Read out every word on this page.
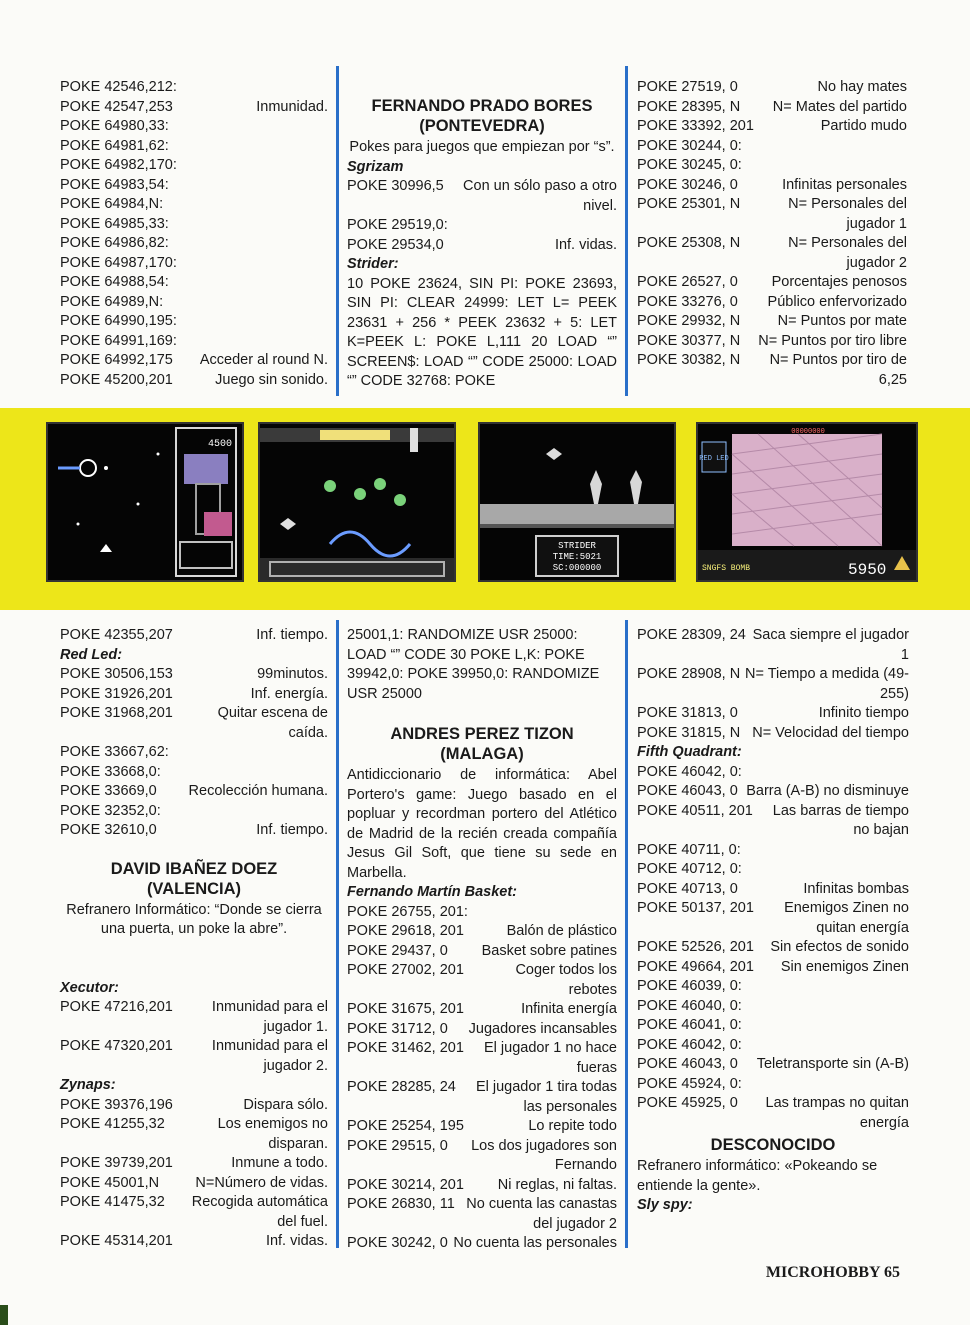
POKE 42546,212:
POKE 42547,253	Inmunidad.
POKE 64980,33:
POKE 64981,62:
POKE 64982,170:
POKE 64983,54:
POKE 64984,N:
POKE 64985,33:
POKE 64986,82:
POKE 64987,170:
POKE 64988,54:
POKE 64989,N:
POKE 64990,195:
POKE 64991,169:
POKE 64992,175 Acceder al round N.
POKE 45200,201	Juego sin sonido.
FERNANDO PRADO BORES
(PONTEVEDRA)
Pokes para juegos que empiezan por “s”.
Sgrizam
POKE 30996,5	Con un sólo paso a otro nivel.
POKE 29519,0:
POKE 29534,0	Inf. vidas.
Strider:
10 POKE 23624, SIN PI: POKE 23693, SIN PI: CLEAR 24999: LET L= PEEK 23631 + 256 * PEEK 23632 + 5: LET K=PEEK L: POKE L,111 20 LOAD “” SCREEN$: LOAD “” CODE 25000: LOAD “” CODE 32768: POKE
POKE 27519, 0	No hay mates
POKE 28395, N N= Mates del partido
POKE 33392, 201	Partido mudo
POKE 30244, 0:
POKE 30245, 0:
POKE 30246, 0	Infinitas personales
POKE 25301, N	N= Personales del jugador 1
POKE 25308, N	N= Personales del jugador 2
POKE 26527, 0 Porcentajes penosos
POKE 33276, 0 Público enfervorizado
POKE 29932, N	N= Puntos por mate
POKE 30377, N N= Puntos por tiro libre
POKE 30382, N	N= Puntos por tiro de 6,25
4500
STRIDER
TIME:5021
SC:000000
RED LED
00000000
SNGFS BOMB	5950
POKE 42355,207	Inf. tiempo.
Red Led:
POKE 30506,153	99minutos.
POKE 31926,201	Inf. energía.
POKE 31968,201	Quitar escena de caída.
POKE 33667,62:
POKE 33668,0:
POKE 33669,0 Recolección humana.
POKE 32352,0:
POKE 32610,0	Inf. tiempo.
DAVID IBAÑEZ DOEZ
(VALENCIA)
Refranero Informático: “Donde se cierra una puerta, un poke la abre”.
Xecutor:
POKE 47216,201	Inmunidad para el jugador 1.
POKE 47320,201	Inmunidad para el jugador 2.
Zynaps:
POKE 39376,196	Dispara sólo.
POKE 41255,32	Los enemigos no disparan.
POKE 39739,201	Inmune a todo.
POKE 45001,N	N=Número de vidas.
POKE 41475,32	Recogida automática del fuel.
POKE 45314,201	Inf. vidas.
25001,1: RANDOMIZE USR 25000: LOAD “” CODE 30 POKE L,K: POKE 39942,0: POKE 39950,0: RANDOMIZE USR 25000
ANDRES PEREZ TIZON
(MALAGA)
Antidiccionario de informática: Abel Portero's game: Juego basado en el popluar y recordman portero del Atlético de Madrid de la recién creada compañía Jesus Gil Soft, que tiene su sede en Marbella.
Fernando Martín Basket:
POKE 26755, 201:
POKE 29618, 201	Balón de plástico
POKE 29437, 0 Basket sobre patines
POKE 27002, 201	Coger todos los rebotes
POKE 31675, 201	Infinita energía
POKE 31712, 0 Jugadores incansables
POKE 31462, 201	El jugador 1 no hace fueras
POKE 28285, 24	El jugador 1 tira todas las personales
POKE 25254, 195	Lo repite todo
POKE 29515, 0	Los dos jugadores son Fernando
POKE 30214, 201 Ni reglas, ni faltas.
POKE 26830, 11 No cuenta las canastas del jugador 2
POKE 30242, 0 No cuenta las personales
POKE 28309, 24 Saca siempre el jugador 1
POKE 28908, N N= Tiempo a medida (49-255)
POKE 31813, 0	Infinito tiempo
POKE 31815, N N= Velocidad del tiempo
Fifth Quadrant:
POKE 46042, 0:
POKE 46043, 0 Barra (A-B) no disminuye
POKE 40511, 201	Las barras de tiempo no bajan
POKE 40711, 0:
POKE 40712, 0:
POKE 40713, 0	Infinitas bombas
POKE 50137, 201	Enemigos Zinen no quitan energía
POKE 52526, 201 Sin efectos de sonido
POKE 49664, 201 Sin enemigos Zinen
POKE 46039, 0:
POKE 46040, 0:
POKE 46041, 0:
POKE 46042, 0:
POKE 46043, 0 Teletransporte sin (A-B)
POKE 45924, 0:
POKE 45925, 0	Las trampas no quitan energía
DESCONOCIDO
Refranero informático: «Pokeando se entiende la gente».
Sly spy:
MICROHOBBY 65
